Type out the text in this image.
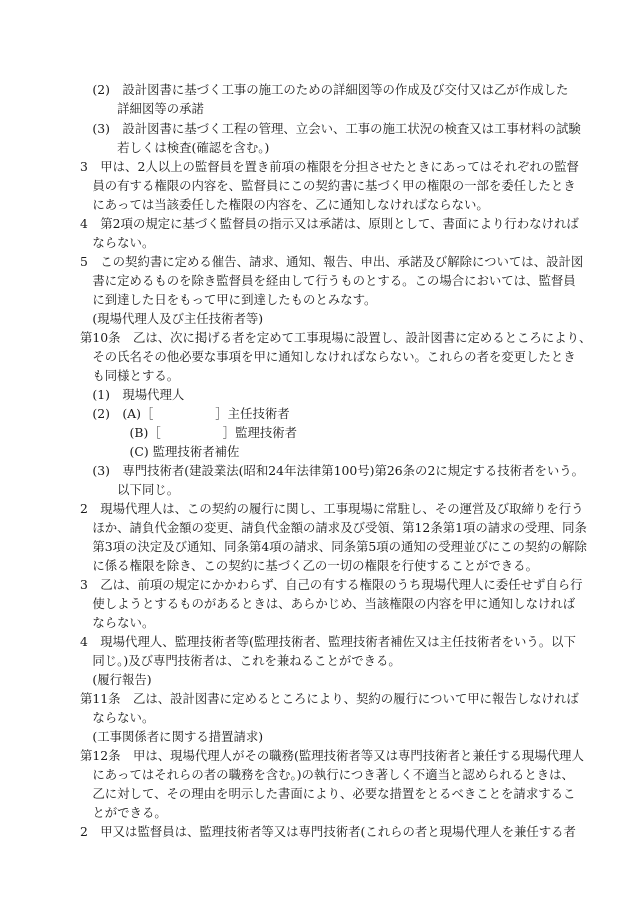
　(2)　設計図書に基づく工事の施工のための詳細図等の作成及び交付又は乙が作成した
　　　詳細図等の承諾
　(3)　設計図書に基づく工程の管理、立会い、工事の施工状況の検査又は工事材料の試験
　　　若しくは検査(確認を含む。)
3　甲は、2人以上の監督員を置き前項の権限を分担させたときにあってはそれぞれの監督
　員の有する権限の内容を、監督員にこの契約書に基づく甲の権限の一部を委任したとき
　にあっては当該委任した権限の内容を、乙に通知しなければならない。
4　第2項の規定に基づく監督員の指示又は承諾は、原則として、書面により行わなければ
　ならない。
5　この契約書に定める催告、請求、通知、報告、申出、承諾及び解除については、設計図
　書に定めるものを除き監督員を経由して行うものとする。この場合においては、監督員
　に到達した日をもって甲に到達したものとみなす。
　(現場代理人及び主任技術者等)
第10条　乙は、次に掲げる者を定めて工事現場に設置し、設計図書に定めるところにより、
　その氏名その他必要な事項を甲に通知しなければならない。これらの者を変更したとき
　も同様とする。
　(1)　現場代理人
　(2)　(A)［　　　　　］主任技術者
　　　　(B)［　　　　　］監理技術者
　　　　(C) 監理技術者補佐
　(3)　専門技術者(建設業法(昭和24年法律第100号)第26条の2に規定する技術者をいう。
　　　以下同じ。
2　現場代理人は、この契約の履行に関し、工事現場に常駐し、その運営及び取締りを行う
　ほか、請負代金額の変更、請負代金額の請求及び受領、第12条第1項の請求の受理、同条
　第3項の決定及び通知、同条第4項の請求、同条第5項の通知の受理並びにこの契約の解除
　に係る権限を除き、この契約に基づく乙の一切の権限を行使することができる。
3　乙は、前項の規定にかかわらず、自己の有する権限のうち現場代理人に委任せず自ら行
　使しようとするものがあるときは、あらかじめ、当該権限の内容を甲に通知しなければ
　ならない。
4　現場代理人、監理技術者等(監理技術者、監理技術者補佐又は主任技術者をいう。以下
　同じ。)及び専門技術者は、これを兼ねることができる。
　(履行報告)
第11条　乙は、設計図書に定めるところにより、契約の履行について甲に報告しなければ
　ならない。
　(工事関係者に関する措置請求)
第12条　甲は、現場代理人がその職務(監理技術者等又は専門技術者と兼任する現場代理人
　にあってはそれらの者の職務を含む。)の執行につき著しく不適当と認められるときは、
　乙に対して、その理由を明示した書面により、必要な措置をとるべきことを請求するこ
　とができる。
2　甲又は監督員は、監理技術者等又は専門技術者(これらの者と現場代理人を兼任する者
